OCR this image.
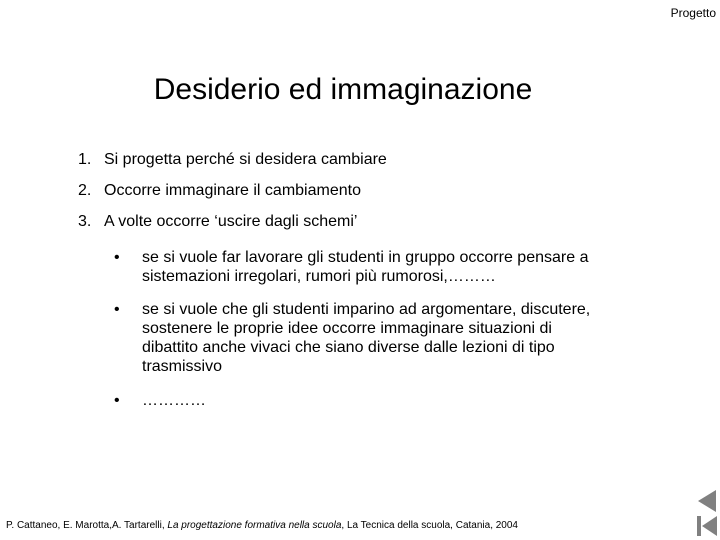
Progetto
Desiderio ed immaginazione
1. Si progetta perché si desidera cambiare
2. Occorre immaginare il cambiamento
3. A volte occorre ‘uscire dagli schemi’
•	se si vuole far lavorare gli studenti in gruppo occorre pensare a sistemazioni irregolari, rumori più rumorosi,………
•	se si vuole che gli studenti imparino ad argomentare, discutere, sostenere le proprie idee occorre immaginare situazioni di dibattito anche vivaci che siano diverse dalle lezioni di tipo trasmissivo
•	…………
P. Cattaneo, E. Marotta,A. Tartarelli, La progettazione formativa nella scuola, La Tecnica della scuola, Catania, 2004
